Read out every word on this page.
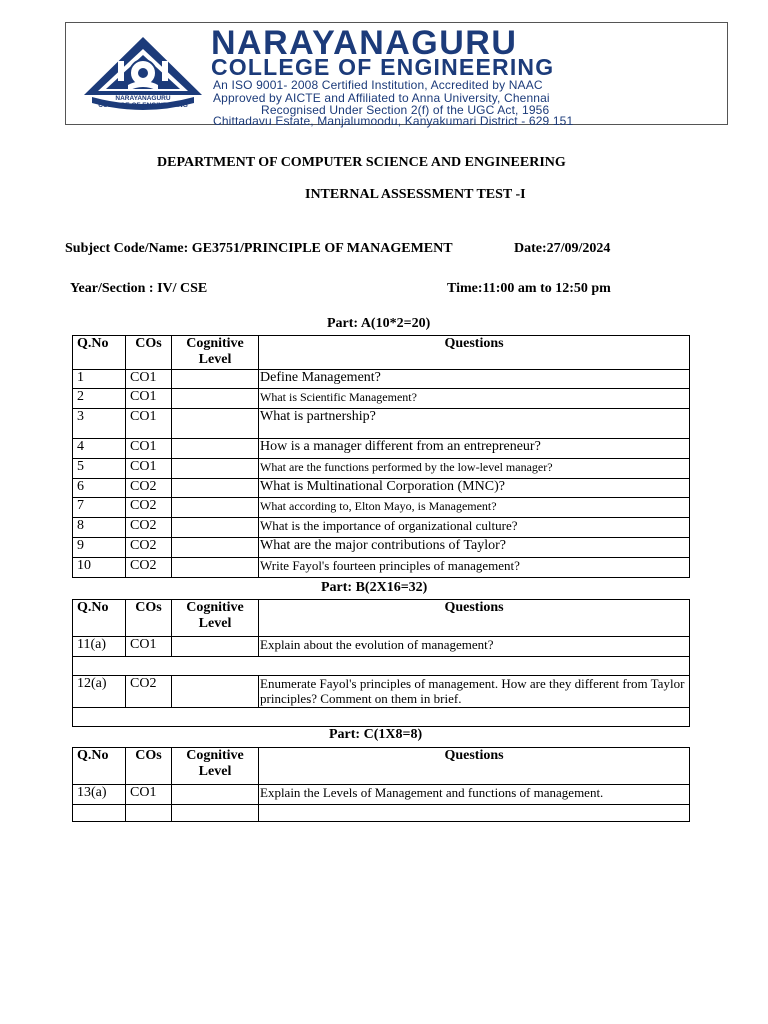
NARAYANAGURU
COLLEGE OF ENGINEERING
NARAYANAGURU
COLLEGE OF ENGINEERING
An ISO 9001- 2008 Certified Institution, Accredited by NAAC
Approved by AICTE and Affiliated to Anna University, Chennai
Recognised Under Section 2(f) of the UGC Act, 1956
Chittadavu Estate, Manjalumoodu, Kanyakumari District - 629 151
DEPARTMENT OF COMPUTER SCIENCE AND ENGINEERING
INTERNAL ASSESSMENT TEST -I
Subject Code/Name: GE3751/PRINCIPLE OF MANAGEMENT	Date:27/09/2024
Year/Section : IV/ CSE	Time:11:00 am to 12:50 pm
Part: A(10*2=20)
Q.No	COs	Cognitive Level	Questions
1	CO1		Define Management?
2	CO1		What is Scientific Management?
3	CO1		What is partnership?
4	CO1		How is a manager different from an entrepreneur?
5	CO1		What are the functions performed by the low-level manager?
6	CO2		What is Multinational Corporation (MNC)?
7	CO2		What according to, Elton Mayo, is Management?
8	CO2		What is the importance of organizational culture?
9	CO2		What are the major contributions of Taylor?
10	CO2		Write Fayol's fourteen principles of management?
Part: B(2X16=32)
Q.No	COs	Cognitive Level	Questions
11(a)	CO1		Explain about the evolution of management?

12(a)	CO2		Enumerate Fayol's principles of management. How are they different from Taylor principles? Comment on them in brief.

Part: C(1X8=8)
Q.No	COs	Cognitive Level	Questions
13(a)	CO1		Explain the Levels of Management and functions of management.
